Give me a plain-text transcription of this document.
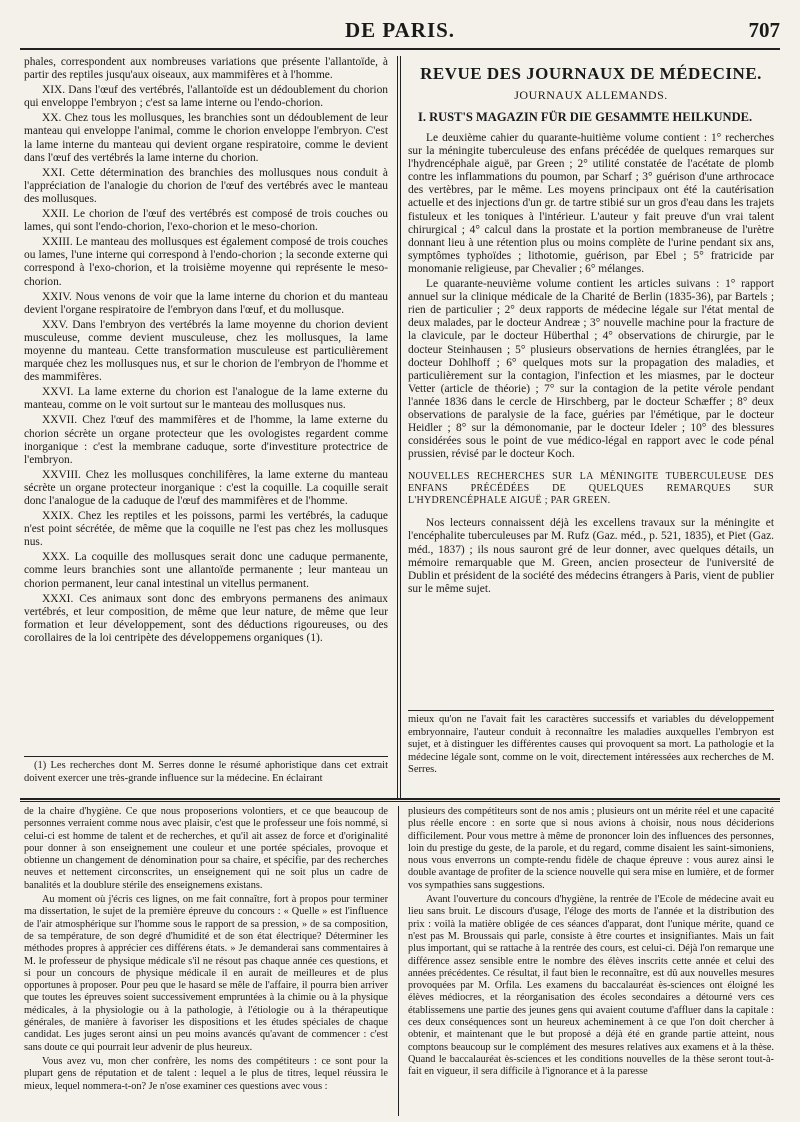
DE PARIS.	707

phales, correspondent aux nombreuses variations que présente l'allantoïde, à partir des reptiles jusqu'aux oiseaux, aux mammifères et à l'homme.

XIX. Dans l'œuf des vertébrés, l'allantoïde est un dédoublement du chorion qui enveloppe l'embryon ; c'est sa lame interne ou l'endo-chorion.

XX. Chez tous les mollusques, les branchies sont un dédoublement de leur manteau qui enveloppe l'animal, comme le chorion enveloppe l'embryon. C'est la lame interne du manteau qui devient organe respiratoire, comme le devient dans l'œuf des vertébrés la lame interne du chorion.

XXI. Cette détermination des branchies des mollusques nous conduit à l'appréciation de l'analogie du chorion de l'œuf des vertébrés avec le manteau des mollusques.

XXII. Le chorion de l'œuf des vertébrés est composé de trois couches ou lames, qui sont l'endo-chorion, l'exo-chorion et le meso-chorion.

XXIII. Le manteau des mollusques est également composé de trois couches ou lames, l'une interne qui correspond à l'endo-chorion ; la seconde externe qui correspond à l'exo-chorion, et la troisième moyenne qui représente le meso-chorion.

XXIV. Nous venons de voir que la lame interne du chorion et du manteau devient l'organe respiratoire de l'embryon dans l'œuf, et du mollusque.

XXV. Dans l'embryon des vertébrés la lame moyenne du chorion devient musculeuse, comme devient musculeuse, chez les mollusques, la lame moyenne du manteau. Cette transformation musculeuse est particulièrement marquée chez les mollusques nus, et sur le chorion de l'embryon de l'homme et des mammifères.

XXVI. La lame externe du chorion est l'analogue de la lame externe du manteau, comme on le voit surtout sur le manteau des mollusques nus.

XXVII. Chez l'œuf des mammifères et de l'homme, la lame externe du chorion sécrète un organe protecteur que les ovologistes regardent comme inorganique : c'est la membrane caduque, sorte d'investiture protectrice de l'embryon.

XXVIII. Chez les mollusques conchilifères, la lame externe du manteau sécrète un organe protecteur inorganique : c'est la coquille. La coquille serait donc l'analogue de la caduque de l'œuf des mammifères et de l'homme.

XXIX. Chez les reptiles et les poissons, parmi les vertébrés, la caduque n'est point sécrétée, de même que la coquille ne l'est pas chez les mollusques nus.

XXX. La coquille des mollusques serait donc une caduque permanente, comme leurs branchies sont une allantoïde permanente ; leur manteau un chorion permanent, leur canal intestinal un vitellus permanent.

XXXI. Ces animaux sont donc des embryons permanens des animaux vertébrés, et leur composition, de même que leur nature, de même que leur formation et leur développement, sont des déductions rigoureuses, ou des corollaires de la loi centripète des développemens organiques (1).

REVUE DES JOURNAUX DE MÉDECINE.
JOURNAUX ALLEMANDS.
I. RUST'S MAGAZIN FÜR DIE GESAMMTE HEILKUNDE.

Le deuxième cahier du quarante-huitième volume contient : 1° recherches sur la méningite tuberculeuse des enfans précédée de quelques remarques sur l'hydrencéphale aiguë, par Green ; 2° utilité constatée de l'acétate de plomb contre les inflammations du poumon, par Scharf ; 3° guérison d'une arthrocace des vertèbres, par le même. Les moyens principaux ont été la cautérisation actuelle et des injections d'un gr. de tartre stibié sur un gros d'eau dans les trajets fistuleux et les toniques à l'intérieur. L'auteur y fait preuve d'un vrai talent chirurgical ; 4° calcul dans la prostate et la portion membraneuse de l'urètre donnant lieu à une rétention plus ou moins complète de l'urine pendant six ans, symptômes typhoïdes ; lithotomie, guérison, par Ebel ; 5° fratricide par monomanie religieuse, par Chevalier ; 6° mélanges.

Le quarante-neuvième volume contient les articles suivans : 1° rapport annuel sur la clinique médicale de la Charité de Berlin (1835-36), par Bartels ; rien de particulier ; 2° deux rapports de médecine légale sur l'état mental de deux malades, par le docteur Andreæ ; 3° nouvelle machine pour la fracture de la clavicule, par le docteur Hüberthal ; 4° observations de chirurgie, par le docteur Steinhausen ; 5° plusieurs observations de hernies étranglées, par le docteur Dohlhoff ; 6° quelques mots sur la propagation des maladies, et particulièrement sur la contagion, l'infection et les miasmes, par le docteur Vetter (article de théorie) ; 7° sur la contagion de la petite vérole pendant l'année 1836 dans le cercle de Hirschberg, par le docteur Schæffer ; 8° deux observations de paralysie de la face, guéries par l'émétique, par le docteur Heidler ; 8° sur la démonomanie, par le docteur Ideler ; 10° des blessures considérées sous le point de vue médico-légal en rapport avec le code pénal prussien, révisé par le docteur Koch.

NOUVELLES RECHERCHES SUR LA MÉNINGITE TUBERCULEUSE DES ENFANS PRÉCÉDÉES DE QUELQUES REMARQUES SUR L'HYDRENCÉPHALE AIGUË ; PAR GREEN.

Nos lecteurs connaissent déjà les excellens travaux sur la méningite et l'encéphalite tuberculeuses par M. Rufz (Gaz. méd., p. 521, 1835), et Piet (Gaz. méd., 1837) ; ils nous sauront gré de leur donner, avec quelques détails, un mémoire remarquable que M. Green, ancien prosecteur de l'université de Dublin et président de la société des médecins étrangers à Paris, vient de publier sur le même sujet.

(1) Les recherches dont M. Serres donne le résumé aphoristique dans cet extrait doivent exercer une très-grande influence sur la médecine. En éclairant

mieux qu'on ne l'avait fait les caractères successifs et variables du développement embryonnaire, l'auteur conduit à reconnaître les maladies auxquelles l'embryon est sujet, et à distinguer les différentes causes qui provoquent sa mort. La pathologie et la médecine légale sont, comme on le voit, directement intéressées aux recherches de M. Serres.

de la chaire d'hygiène. Ce que nous proposerions volontiers, et ce que beaucoup de personnes verraient comme nous avec plaisir, c'est que le professeur une fois nommé, si celui-ci est homme de talent et de recherches, et qu'il ait assez de force et d'originalité pour donner à son enseignement une couleur et une portée spéciales, provoque et obtienne un changement de dénomination pour sa chaire, et spécifie, par des recherches neuves et nettement circonscrites, un enseignement qui ne soit plus un cadre de banalités et la doublure stérile des enseignemens existans.

Au moment où j'écris ces lignes, on me fait connaître, fort à propos pour terminer ma dissertation, le sujet de la première épreuve du concours : « Quelle » est l'influence de l'air atmosphérique sur l'homme sous le rapport de sa pression, » de sa composition, de sa température, de son degré d'humidité et de son état électrique? Déterminer les méthodes propres à apprécier ces différens états. » Je demanderai sans commentaires à M. le professeur de physique médicale s'il ne résout pas chaque année ces questions, et si pour un concours de physique médicale il en aurait de meilleures et de plus opportunes à proposer. Pour peu que le hasard se mêle de l'affaire, il pourra bien arriver que toutes les épreuves soient successivement empruntées à la chimie ou à la physique médicales, à la physiologie ou à la pathologie, à l'étiologie ou à la thérapeutique générales, de manière à favoriser les dispositions et les études spéciales de chaque candidat. Les juges seront ainsi un peu moins avancés qu'avant de commencer : c'est sans doute ce qui pourrait leur advenir de plus heureux.

Vous avez vu, mon cher confrère, les noms des compétiteurs : ce sont pour la plupart gens de réputation et de talent : lequel a le plus de titres, lequel réussira le mieux, lequel nommera-t-on? Je n'ose examiner ces questions avec vous :

plusieurs des compétiteurs sont de nos amis ; plusieurs ont un mérite réel et une capacité plus réelle encore : en sorte que si nous avions à choisir, nous nous déciderions difficilement. Pour vous mettre à même de prononcer loin des influences des personnes, loin du prestige du geste, de la parole, et du regard, comme disaient les saint-simoniens, nous vous enverrons un compte-rendu fidèle de chaque épreuve : vous aurez ainsi le double avantage de profiter de la science nouvelle qui sera mise en lumière, et de former vos sympathies sans suggestions.

Avant l'ouverture du concours d'hygiène, la rentrée de l'Ecole de médecine avait eu lieu sans bruit. Le discours d'usage, l'éloge des morts de l'année et la distribution des prix : voilà la matière obligée de ces séances d'apparat, dont l'unique mérite, quand ce n'est pas M. Broussais qui parle, consiste à être courtes et insignifiantes. Mais un fait plus important, qui se rattache à la rentrée des cours, est celui-ci. Déjà l'on remarque une différence assez sensible entre le nombre des élèves inscrits cette année et celui des années précédentes. Ce résultat, il faut bien le reconnaître, est dû aux nouvelles mesures provoquées par M. Orfila. Les examens du baccalauréat ès-sciences ont éloigné les élèves médiocres, et la réorganisation des écoles secondaires a détourné vers ces établissemens une partie des jeunes gens qui avaient coutume d'affluer dans la capitale : ces deux conséquences sont un heureux acheminement à ce que l'on doit chercher à obtenir, et maintenant que le but proposé a déjà été en grande partie atteint, nous comptons beaucoup sur le complément des mesures relatives aux examens et à la thèse. Quand le baccalauréat ès-sciences et les conditions nouvelles de la thèse seront tout-à-fait en vigueur, il sera difficile à l'ignorance et à la paresse
